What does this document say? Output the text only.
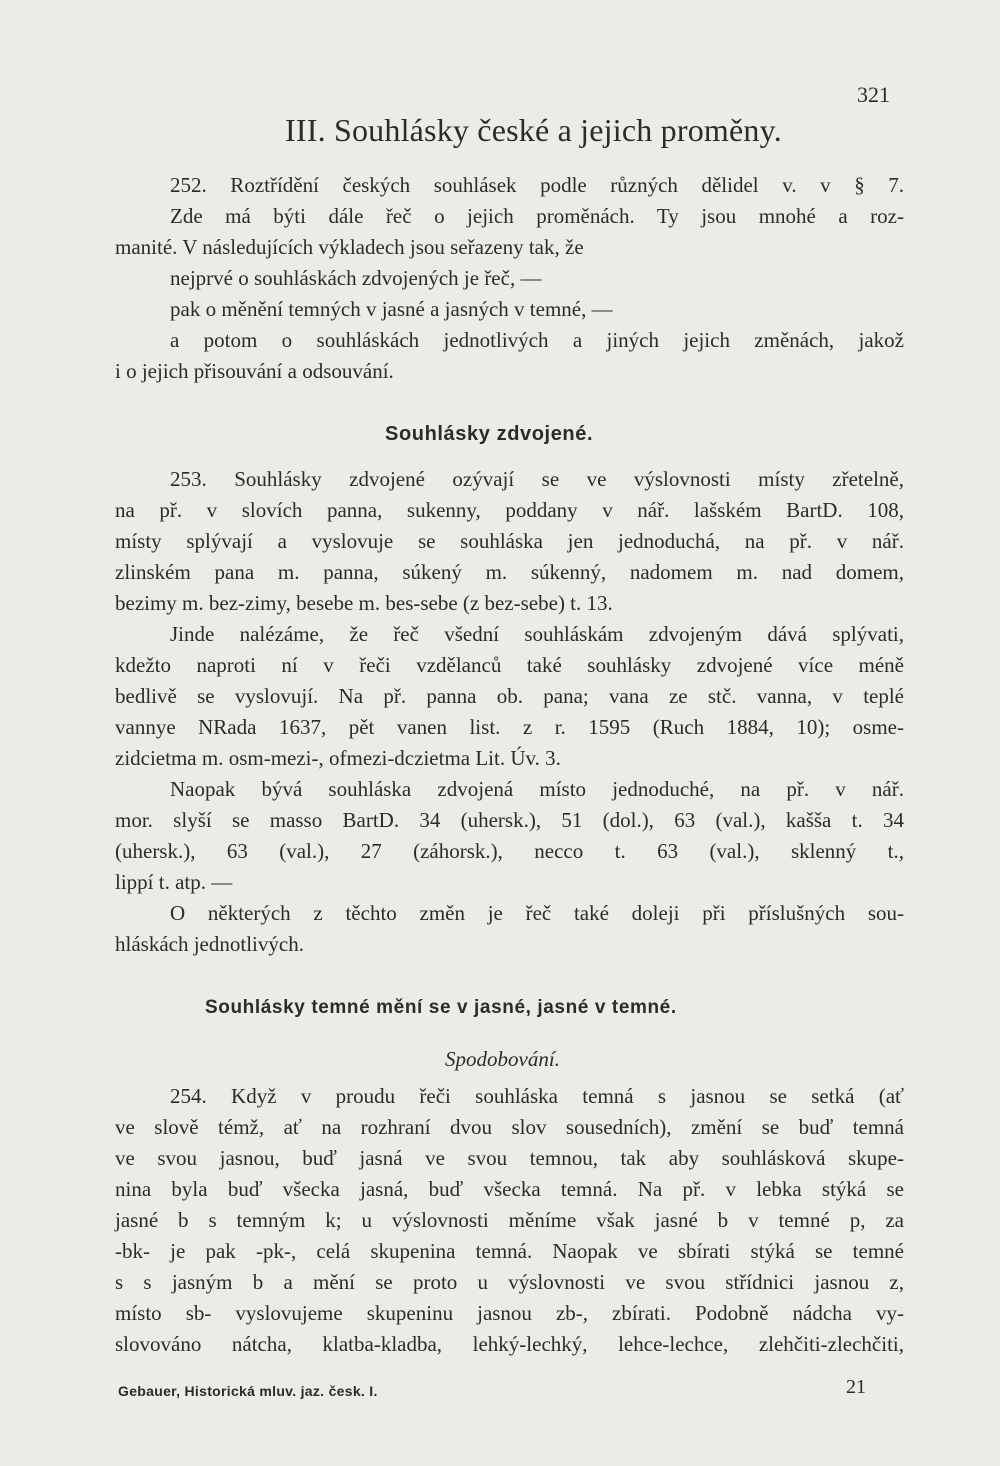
321
III. Souhlásky české a jejich proměny.
252. Roztřídění českých souhlásek podle různých dělidel v. v § 7.
Zde má býti dále řeč o jejich proměnách. Ty jsou mnohé a roz-
manité. V následujících výkladech jsou seřazeny tak, že
nejprvé o souhláskách zdvojených je řeč, —
pak o měnění temných v jasné a jasných v temné, —
a potom o souhláskách jednotlivých a jiných jejich změnách, jakož
i o jejich přisouvání a odsouvání.
Souhlásky zdvojené.
253. Souhlásky zdvojené ozývají se ve výslovnosti místy zřetelně,
na př. v slovích panna, sukenny, poddany v nář. lašském BartD. 108,
místy splývají a vyslovuje se souhláska jen jednoduchá, na př. v nář.
zlinském pana m. panna, súkený m. súkenný, nadomem m. nad domem,
bezimy m. bez-zimy, besebe m. bes-sebe (z bez-sebe) t. 13.
Jinde nalézáme, že řeč všední souhláskám zdvojeným dává splývati,
kdežto naproti ní v řeči vzdělanců také souhlásky zdvojené více méně
bedlivě se vyslovují. Na př. panna ob. pana; vana ze stč. vanna, v teplé
vannye NRada 1637, pět vanen list. z r. 1595 (Ruch 1884, 10); osme-
zidcietma m. osm-mezi-, ofmezi-dczietma Lit. Úv. 3.
Naopak bývá souhláska zdvojená místo jednoduché, na př. v nář.
mor. slyší se masso BartD. 34 (uhersk.), 51 (dol.), 63 (val.), kašša t. 34
(uhersk.), 63 (val.), 27 (záhorsk.), necco t. 63 (val.), sklenný t.,
lippí t. atp. —
O některých z těchto změn je řeč také doleji při příslušných sou-
hláskách jednotlivých.
Souhlásky temné mění se v jasné, jasné v temné.
Spodobování.
254. Když v proudu řeči souhláska temná s jasnou se setká (ať
ve slově témž, ať na rozhraní dvou slov sousedních), změní se buď temná
ve svou jasnou, buď jasná ve svou temnou, tak aby souhlásková skupe-
nina byla buď všecka jasná, buď všecka temná. Na př. v lebka stýká se
jasné b s temným k; u výslovnosti měníme však jasné b v temné p, za
-bk- je pak -pk-, celá skupenina temná. Naopak ve sbírati stýká se temné
s s jasným b a mění se proto u výslovnosti ve svou střídnici jasnou z,
místo sb- vyslovujeme skupeninu jasnou zb-, zbírati. Podobně nádcha vy-
slovováno nátcha, klatba-kladba, lehký-lechký, lehce-lechce, zlehčiti-zlechčiti,
Gebauer, Historická mluv. jaz. česk. I.	21
